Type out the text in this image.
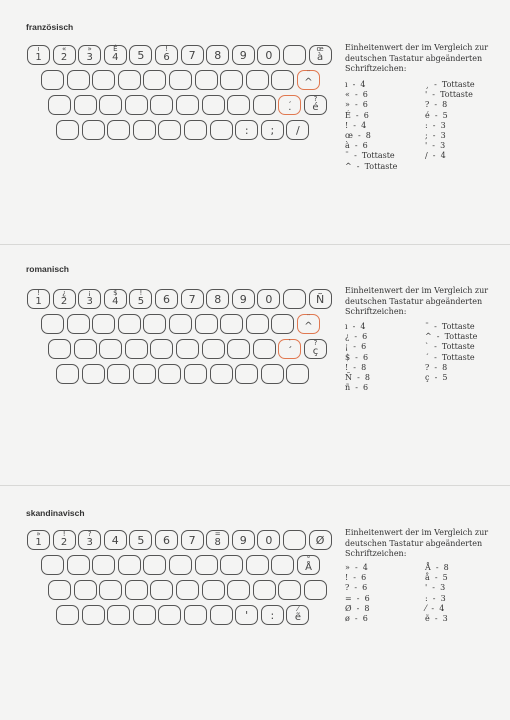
französisch
ı
1
«
2
»
3
É
4	5	!
6	7	8	9	0	œ
à
¨
^
¸
.
?
é
:	;	/
Einheitenwert der im Vergleich zur deutschen Tastatur abgeänderten Schriftzeichen:
ı  -  4
«  -  6
»  -  6
É  -  6
!  -  4
œ  -  8
à  -  6
¨  -  Tottaste
^  -  Tottaste
¸  -  Tottaste
'  -  Tottaste
?  -  8
é  -  5
:  -  3
;  -  3
'  -  3
/  -  4
romanisch
!
1
¿
2
¡
3
$
4
!
5	6	7	8	9	0	Ñ
¨
^
`
´
?
ç
Einheitenwert der im Vergleich zur deutschen Tastatur abgeänderten Schriftzeichen:
ı  -  4
¿  -  6
¡  -  6
$  -  6
!  -  8
Ñ  -  8
ñ  -  6
¨  -  Tottaste
^  -  Tottaste
`  -  Tottaste
´  -  Tottaste
?  -  8
ç  -  5
skandinavisch
»
1
!
2
?
3	4	5	6	7	=
8	9	0	Ø
°
Å
'	:	⁄
ẽ
Einheitenwert der im Vergleich zur deutschen Tastatur abgeänderten Schriftzeichen:
»  -  4
!  -  6
?  -  6
=  -  6
Ø  -  8
ø  -  6
Å  -  8
å  -  5
'  -  3
:  -  3
⁄  -  4
ẽ  -  3
